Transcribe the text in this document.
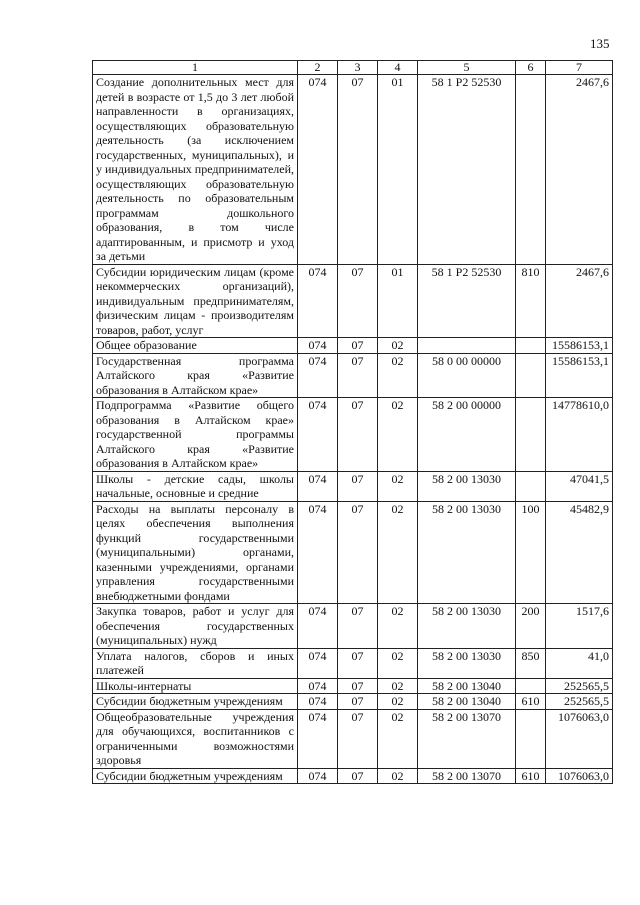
135
1	2	3	4	5	6	7
Создание дополнительных мест для детей в возрасте от 1,5 до 3 лет любой направленности в организациях, осуществляющих образовательную деятельность (за исключением государственных, муниципальных), и у индивидуальных предпринимателей, осуществляющих образовательную деятельность по образовательным программам дошкольного образования, в том числе адаптированным, и присмотр и уход за детьми	074	07	01	58 1 Р2 52530		2467,6
Субсидии юридическим лицам (кроме некоммерческих организаций), индивидуальным предпринимателям, физическим лицам - производителям товаров, работ, услуг	074	07	01	58 1 Р2 52530	810	2467,6
Общее образование	074	07	02			15586153,1
Государственная программа Алтайского края «Развитие образования в Алтайском крае»	074	07	02	58 0 00 00000		15586153,1
Подпрограмма «Развитие общего образования в Алтайском крае» государственной программы Алтайского края «Развитие образования в Алтайском крае»	074	07	02	58 2 00 00000		14778610,0
Школы - детские сады, школы начальные, основные и средние	074	07	02	58 2 00 13030		47041,5
Расходы на выплаты персоналу в целях обеспечения выполнения функций государственными (муниципальными) органами, казенными учреждениями, органами управления государственными внебюджетными фондами	074	07	02	58 2 00 13030	100	45482,9
Закупка товаров, работ и услуг для обеспечения государственных (муниципальных) нужд	074	07	02	58 2 00 13030	200	1517,6
Уплата налогов, сборов и иных платежей	074	07	02	58 2 00 13030	850	41,0
Школы-интернаты	074	07	02	58 2 00 13040		252565,5
Субсидии бюджетным учреждениям	074	07	02	58 2 00 13040	610	252565,5
Общеобразовательные учреждения для обучающихся, воспитанников с ограниченными возможностями здоровья	074	07	02	58 2 00 13070		1076063,0
Субсидии бюджетным учреждениям	074	07	02	58 2 00 13070	610	1076063,0
